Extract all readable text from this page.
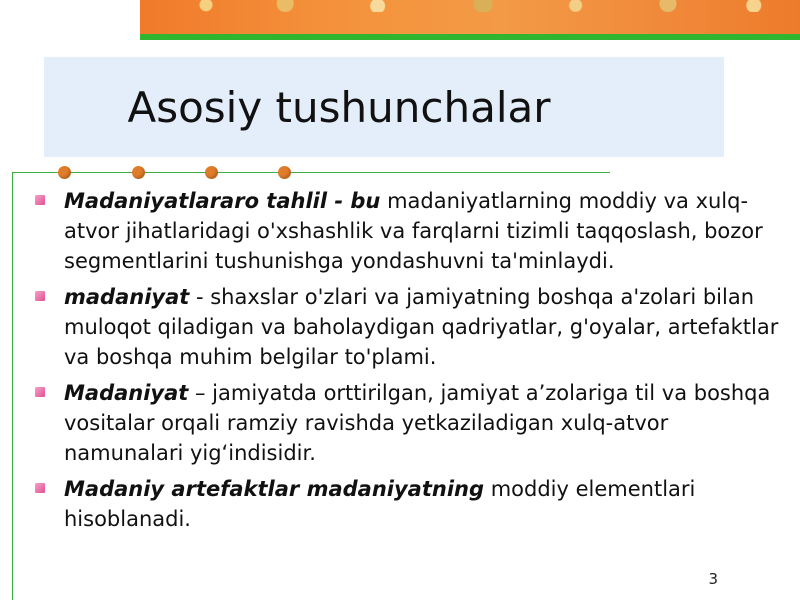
Asosiy tushunchalar
Madaniyatlararo tahlil - bu madaniyatlarning moddiy va xulq-atvor jihatlaridagi o'xshashlik va farqlarni tizimli taqqoslash, bozor segmentlarini tushunishga yondashuvni ta'minlaydi.
madaniyat - shaxslar o'zlari va jamiyatning boshqa a'zolari bilan muloqot qiladigan va baholaydigan qadriyatlar, g'oyalar, artefaktlar va boshqa muhim belgilar to'plami.
Madaniyat – jamiyatda orttirilgan, jamiyat a’zolariga til va boshqa vositalar orqali ramziy ravishda yetkaziladigan xulq-atvor namunalari yig‘indisidir.
Madaniy artefaktlar madaniyatning moddiy elementlari hisoblanadi.
3
